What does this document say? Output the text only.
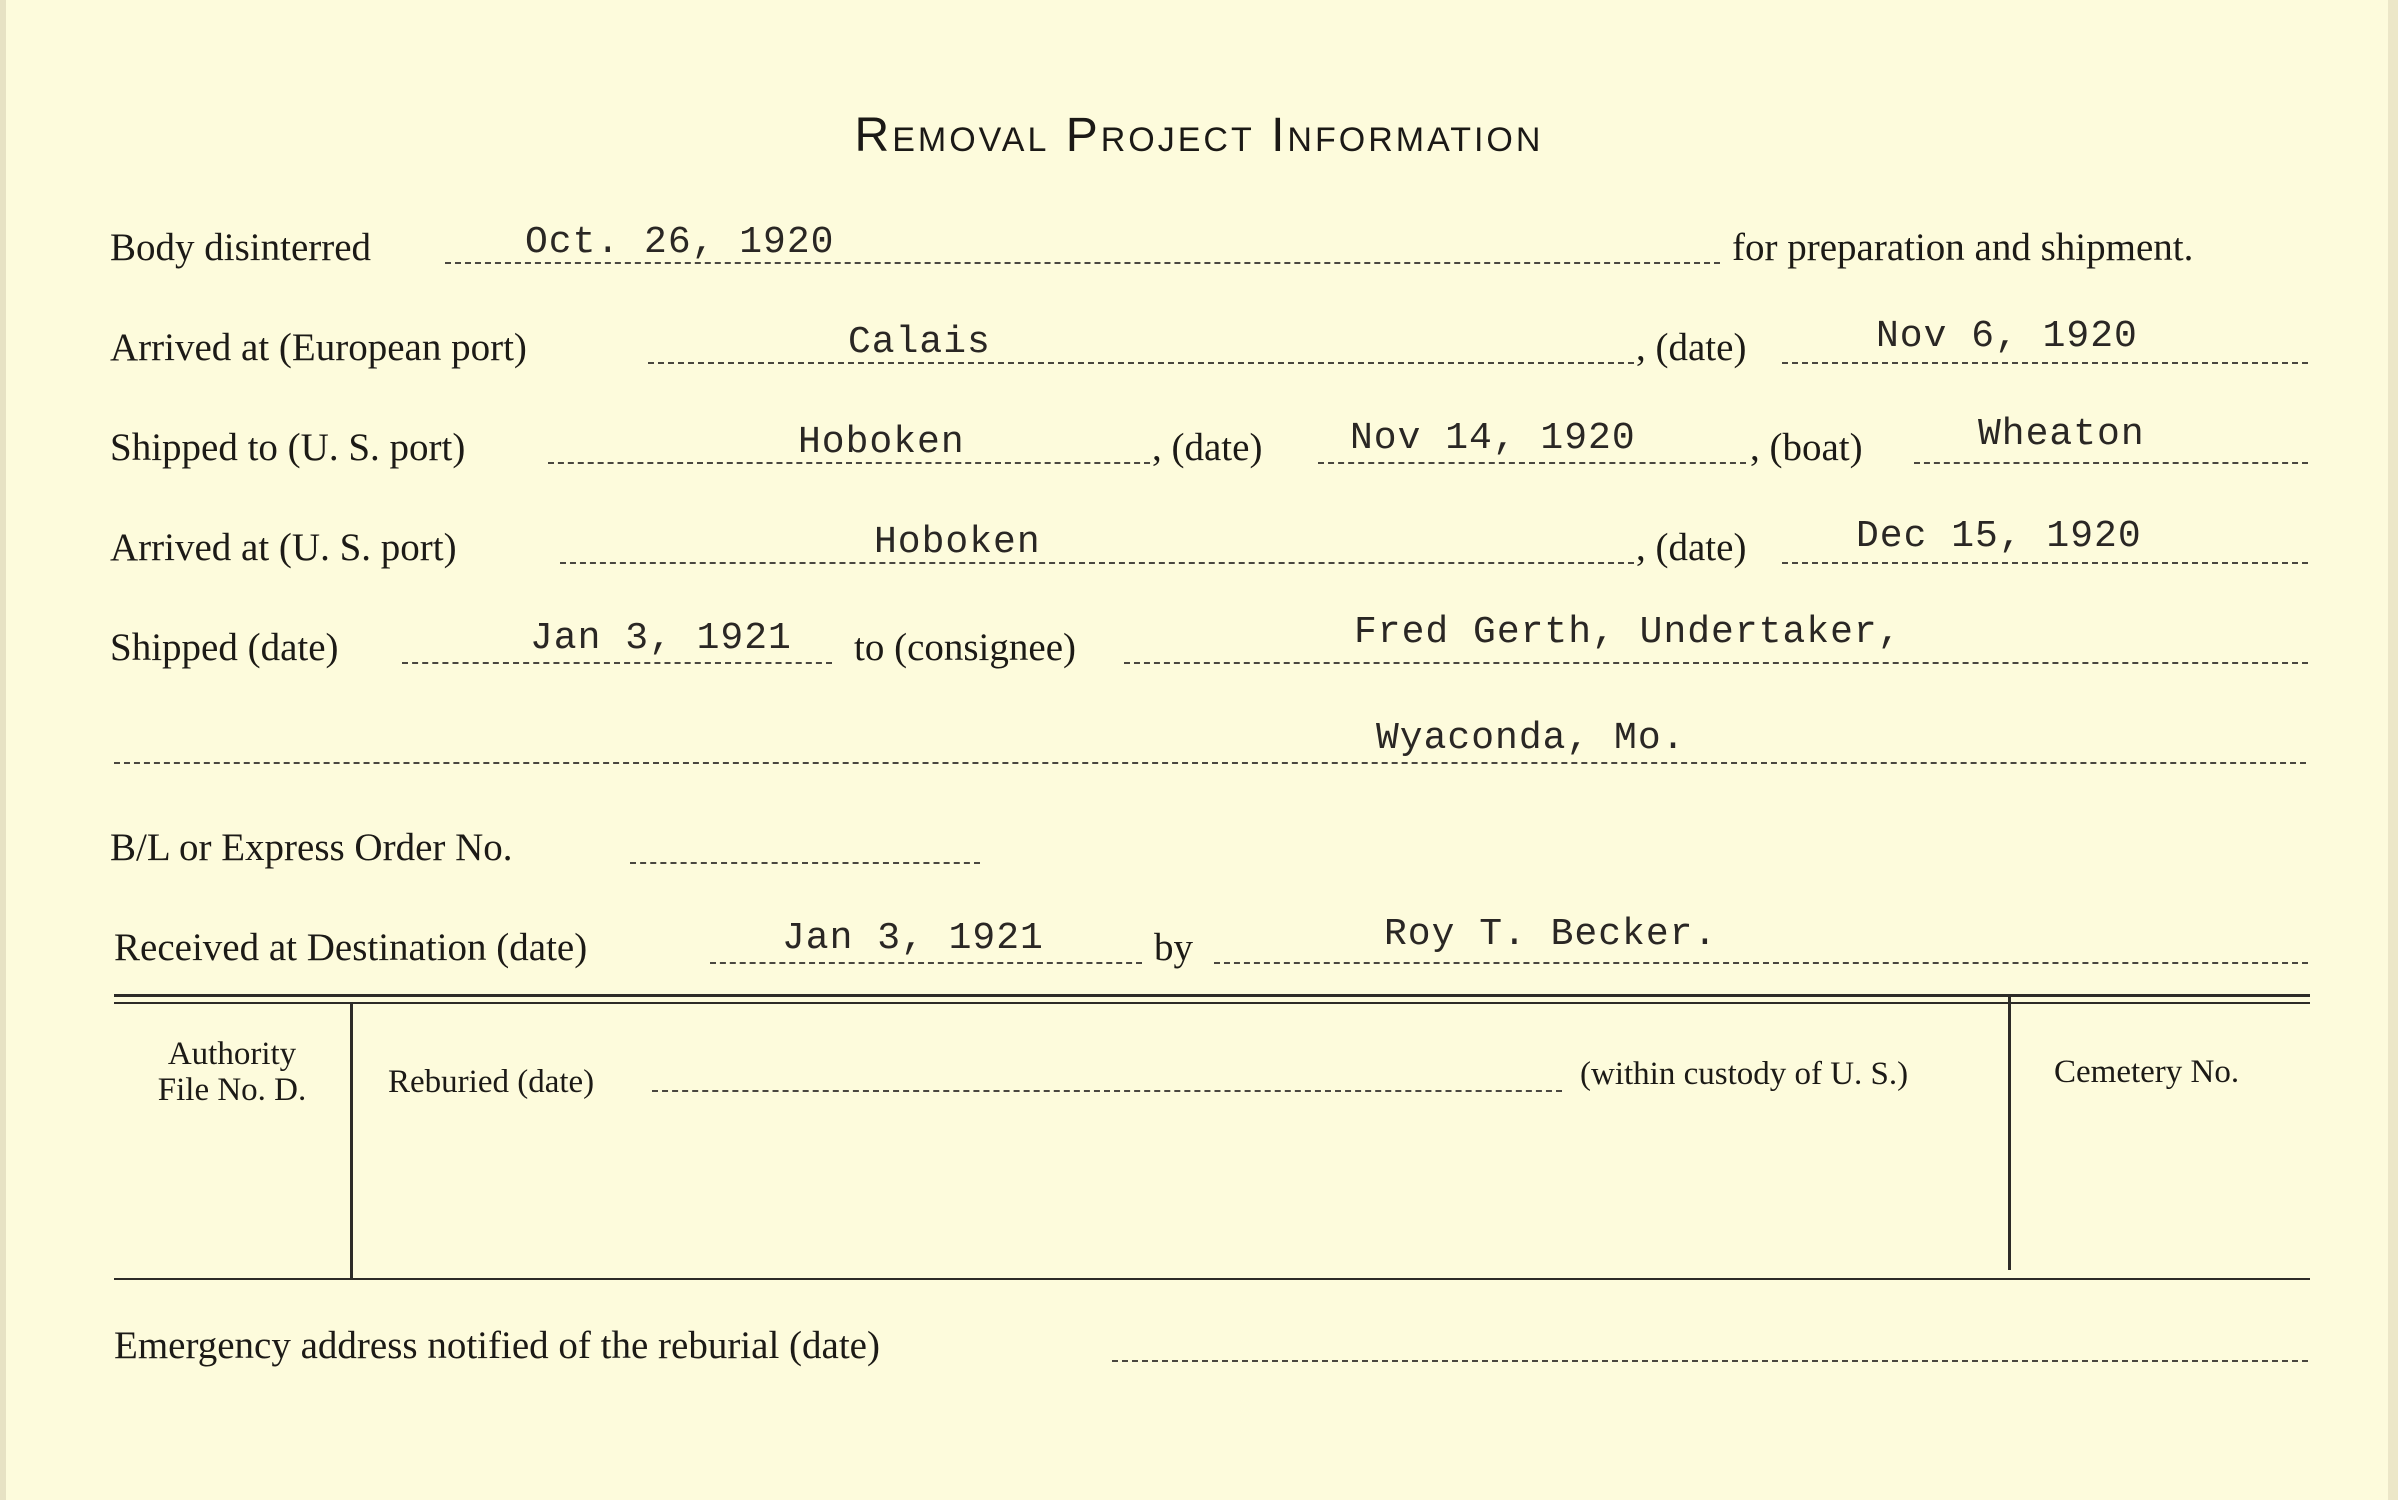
Removal Project Information
Body disinterred	Oct. 26, 1920	for preparation and shipment.
Arrived at (European port)	Calais	, (date)	Nov 6, 1920
Shipped to (U. S. port)	Hoboken	, (date) Nov 14, 1920	, (boat)	Wheaton
Arrived at (U. S. port)	Hoboken	, (date)	Dec 15, 1920
Shipped (date)	Jan 3, 1921 to (consignee)	Fred Gerth, Undertaker,
Wyaconda, Mo.
B/L or Express Order No.
Received at Destination (date)	Jan 3, 1921	by	Roy T. Becker.
Authority
File No. D.	Reburied (date)	(within custody of U. S.)	Cemetery No.
Emergency address notified of the reburial (date)
